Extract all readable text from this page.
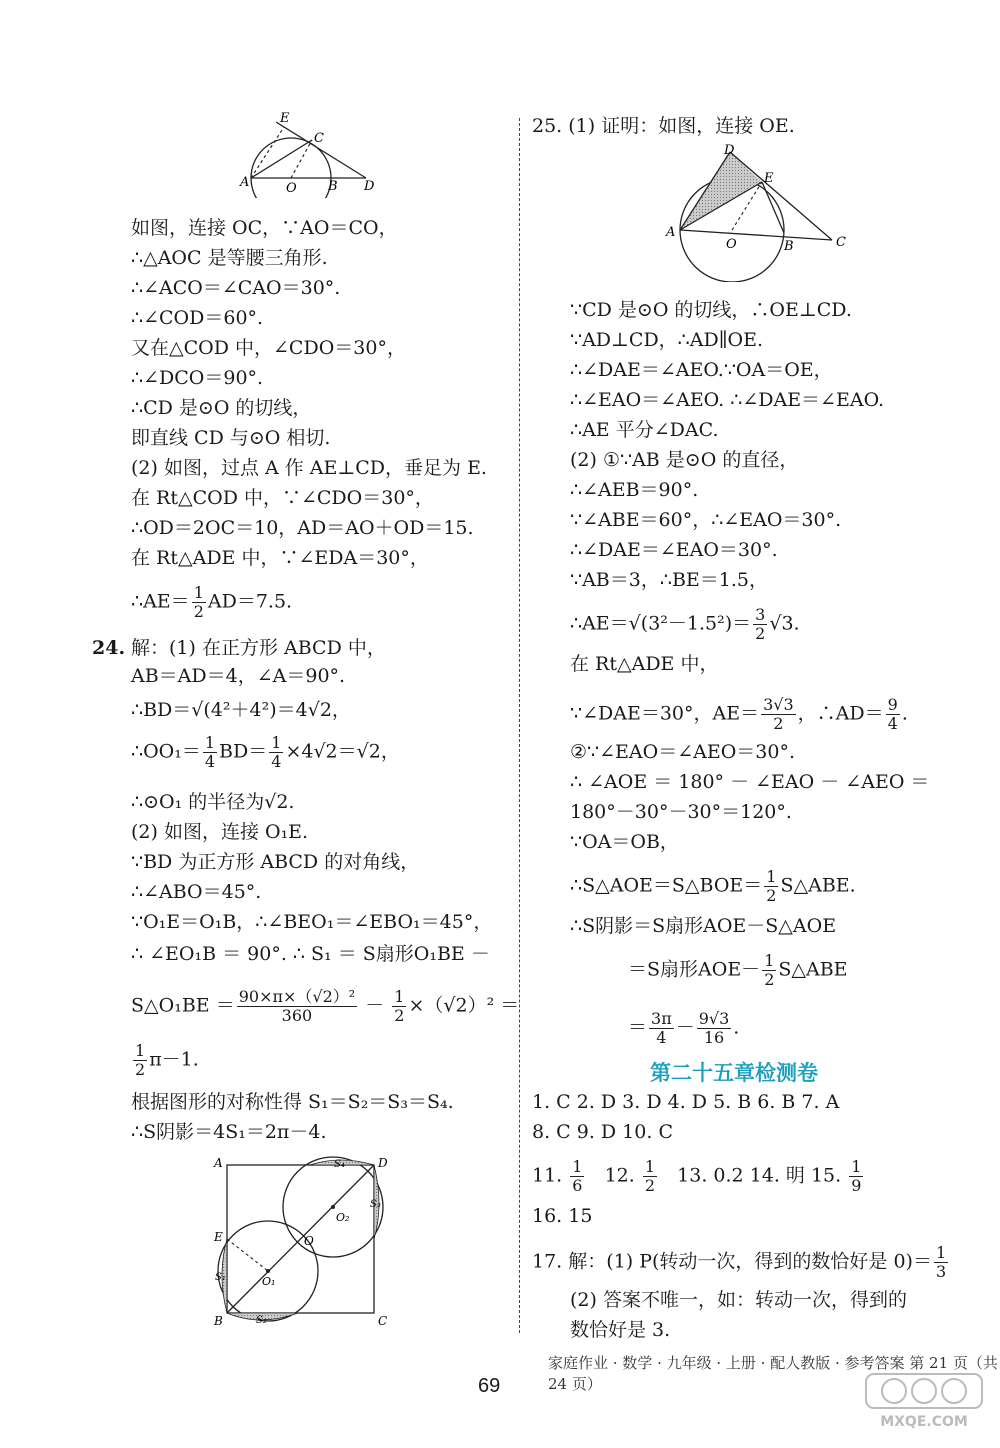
E
C
A	O B D
如图，连接 OC，∵AO＝CO，
∴△AOC 是等腰三角形.
∴∠ACO＝∠CAO＝30°.
∴∠COD＝60°.
又在△COD 中，∠CDO＝30°，
∴∠DCO＝90°.
∴CD 是⊙O 的切线，
即直线 CD 与⊙O 相切.
(2) 如图，过点 A 作 AE⊥CD，垂足为 E.
在 Rt△COD 中，∵∠CDO＝30°，
∴OD＝2OC＝10，AD＝AO＋OD＝15.
在 Rt△ADE 中，∵∠EDA＝30°，
∴AE＝ $\frac{1}{2} AD=7.5$.
24. 解：(1) 在正方形 ABCD 中，
AB＝AD＝4，∠A＝90°.
∴BD＝√(4²＋4²)＝4√2，
∴OO₁＝ $\frac{1}{4} BD= \frac{1}{4} \times 4√2=√2$，
∴⊙O₁ 的半径为√2.
(2) 如图，连接 O₁E.
∵BD 为正方形 ABCD 的对角线，
∴∠ABO＝45°.
∵O₁E＝O₁B，∴∠BEO₁＝∠EBO₁＝45°，
∴ ∠EO₁B ＝ 90°. ∴ S₁ ＝ S扇形O₁BE －
S△O₁BE ＝ $\frac{\text{90×π×（√2）²}}{360} - \frac{1}{2} \times(√2)^2$ ＝
$\frac{1}{2} \pi-1$.
根据图形的对称性得 S₁＝S₂＝S₃＝S₄.
∴S阴影＝4S₁＝2π－4.
A	D
E	O
O₁
O₂
B	C
S₁
S₂
S₃
S₄
25. (1) 证明：如图，连接 OE.
D
E
A
O	B	C
∵CD 是⊙O 的切线，∴OE⊥CD.
∵AD⊥CD，∴AD∥OE.
∴∠DAE＝∠AEO.∵OA＝OE，
∴∠EAO＝∠AEO. ∴∠DAE＝∠EAO.
∴AE 平分∠DAC.
(2) ①∵AB 是⊙O 的直径，
∴∠AEB＝90°.
∵∠ABE＝60°，∴∠EAO＝30°.
∴∠DAE＝∠EAO＝30°.
∵AB＝3，∴BE＝1.5，
∴AE＝√(3²－1.5²)＝ $\frac{3}{2} √3$.
在 Rt△ADE 中，
∵∠DAE＝30°，$AE= \frac{3√3}{2}$ ，∴AD＝ $\frac{9}{4}$ .
②∵∠EAO＝∠AEO＝30°.
∴ ∠AOE ＝ 180° － ∠EAO － ∠AEO ＝
180°－30°－30°＝120°.
∵OA＝OB，
∴S△AOE＝S△BOE＝ $\frac{1}{2}$ S△ABE.
∴S阴影＝S扇形AOE－S△AOE
＝S扇形$AOE- \frac{1}{2}$ S△ABE
＝ $\frac{3\pi}{4} - \frac{9√3}{16}$ .
第二十五章检测卷
1. C 2. D 3. D 4. D 5. B 6. B 7. A
8. C 9. D 10. C
11. $\frac{1}{6} 12$. $\frac{1}{2} 13$. 0.2 14. 明 15. $\frac{1}{9}$
16. 15
17. 解：(1) P(转动一次，得到的数恰好是 $0)= \frac{1}{3}$
(2) 答案不唯一，如：转动一次，得到的
数恰好是 3.
家庭作业 · 数学 · 九年级 · 上册 · 配人教版 · 参考答案 第 21 页（共 24 页）
69
MXQE.COM
